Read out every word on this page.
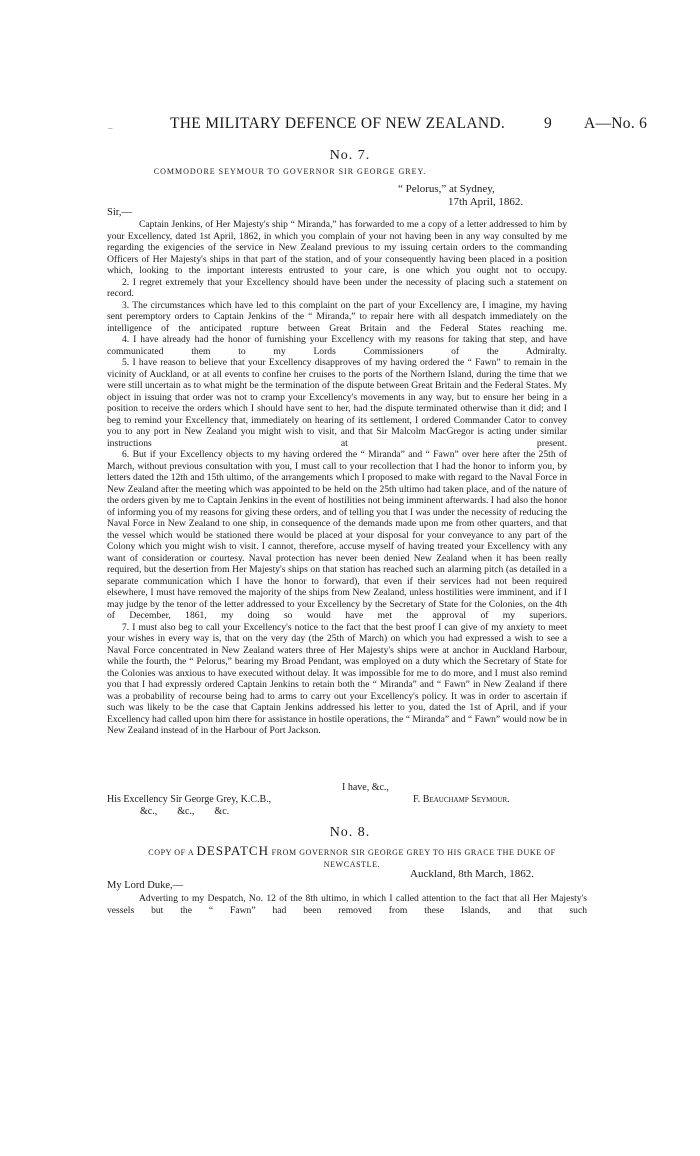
–	THE MILITARY DEFENCE OF NEW ZEALAND.	9 A—No. 6
No. 7.
COMMODORE SEYMOUR TO GOVERNOR SIR GEORGE GREY.
“ Pelorus,” at Sydney,
17th April, 1862.
Sir,—

Captain Jenkins, of Her Majesty's ship “ Miranda,” has forwarded to me a copy of a letter addressed to him by your Excellency, dated 1st April, 1862, in which you complain of your not having been in any way consulted by me regarding the exigencies of the service in New Zealand previous to my issuing certain orders to the commanding Officers of Her Majesty's ships in that part of the station, and of your consequently having been placed in a position which, looking to the important interests entrusted to your care, is one which you ought not to occupy.

2. I regret extremely that your Excellency should have been under the necessity of placing such a statement on record.

3. The circumstances which have led to this complaint on the part of your Excellency are, I imagine, my having sent peremptory orders to Captain Jenkins of the “ Miranda,” to repair here with all despatch immediately on the intelligence of the anticipated rupture between Great Britain and the Federal States reaching me.

4. I have already had the honor of furnishing your Excellency with my reasons for taking that step, and have communicated them to my Lords Commissioners of the Admiralty.

5. I have reason to believe that your Excellency disapproves of my having ordered the “ Fawn” to remain in the vicinity of Auckland, or at all events to confine her cruises to the ports of the Northern Island, during the time that we were still uncertain as to what might be the termination of the dispute between Great Britain and the Federal States. My object in issuing that order was not to cramp your Excellency's movements in any way, but to ensure her being in a position to receive the orders which I should have sent to her, had the dispute terminated otherwise than it did; and I beg to remind your Excellency that, immediately on hearing of its settlement, I ordered Commander Cator to convey you to any port in New Zealand you might wish to visit, and that Sir Malcolm MacGregor is acting under similar instructions at present.

6. But if your Excellency objects to my having ordered the “ Miranda” and “ Fawn” over here after the 25th of March, without previous consultation with you, I must call to your recollection that I had the honor to inform you, by letters dated the 12th and 15th ultimo, of the arrangements which I proposed to make with regard to the Naval Force in New Zealand after the meeting which was appointed to be held on the 25th ultimo had taken place, and of the nature of the orders given by me to Captain Jenkins in the event of hostilities not being imminent afterwards. I had also the honor of informing you of my reasons for giving these orders, and of telling you that I was under the necessity of reducing the Naval Force in New Zealand to one ship, in consequence of the demands made upon me from other quarters, and that the vessel which would be stationed there would be placed at your disposal for your conveyance to any part of the Colony which you might wish to visit. I cannot, therefore, accuse myself of having treated your Excellency with any want of consideration or courtesy. Naval protection has never been denied New Zealand when it has been really required, but the desertion from Her Majesty's ships on that station has reached such an alarming pitch (as detailed in a separate communication which I have the honor to forward), that even if their services had not been required elsewhere, I must have removed the majority of the ships from New Zealand, unless hostilities were imminent, and if I may judge by the tenor of the letter addressed to your Excellency by the Secretary of State for the Colonies, on the 4th of December, 1861, my doing so would have met the approval of my superiors.

7. I must also beg to call your Excellency's notice to the fact that the best proof I can give of my anxiety to meet your wishes in every way is, that on the very day (the 25th of March) on which you had expressed a wish to see a Naval Force concentrated in New Zealand waters three of Her Majesty's ships were at anchor in Auckland Harbour, while the fourth, the “ Pelorus,” bearing my Broad Pendant, was employed on a duty which the Secretary of State for the Colonies was anxious to have executed without delay. It was impossible for me to do more, and I must also remind you that I had expressly ordered Captain Jenkins to retain both the “ Miranda” and “ Fawn” in New Zealand if there was a probability of recourse being had to arms to carry out your Excellency's policy. It was in order to ascertain if such was likely to be the case that Captain Jenkins addressed his letter to you, dated the 1st of April, and if your Excellency had called upon him there for assistance in hostile operations, the “ Miranda” and “ Fawn” would now be in New Zealand instead of in the Harbour of Port Jackson.

I have, &c.,
His Excellency Sir George Grey, K.C.B.,	F. Beauchamp Seymour.
&c.,        &c.,        &c.
No. 8.
COPY OF A DESPATCH FROM GOVERNOR SIR GEORGE GREY TO HIS GRACE THE DUKE OF
NEWCASTLE.
Auckland, 8th March, 1862.
My Lord Duke,—

Adverting to my Despatch, No. 12 of the 8th ultimo, in which I called attention to the fact that all Her Majesty's vessels but the “ Fawn” had been removed from these Islands, and that such
